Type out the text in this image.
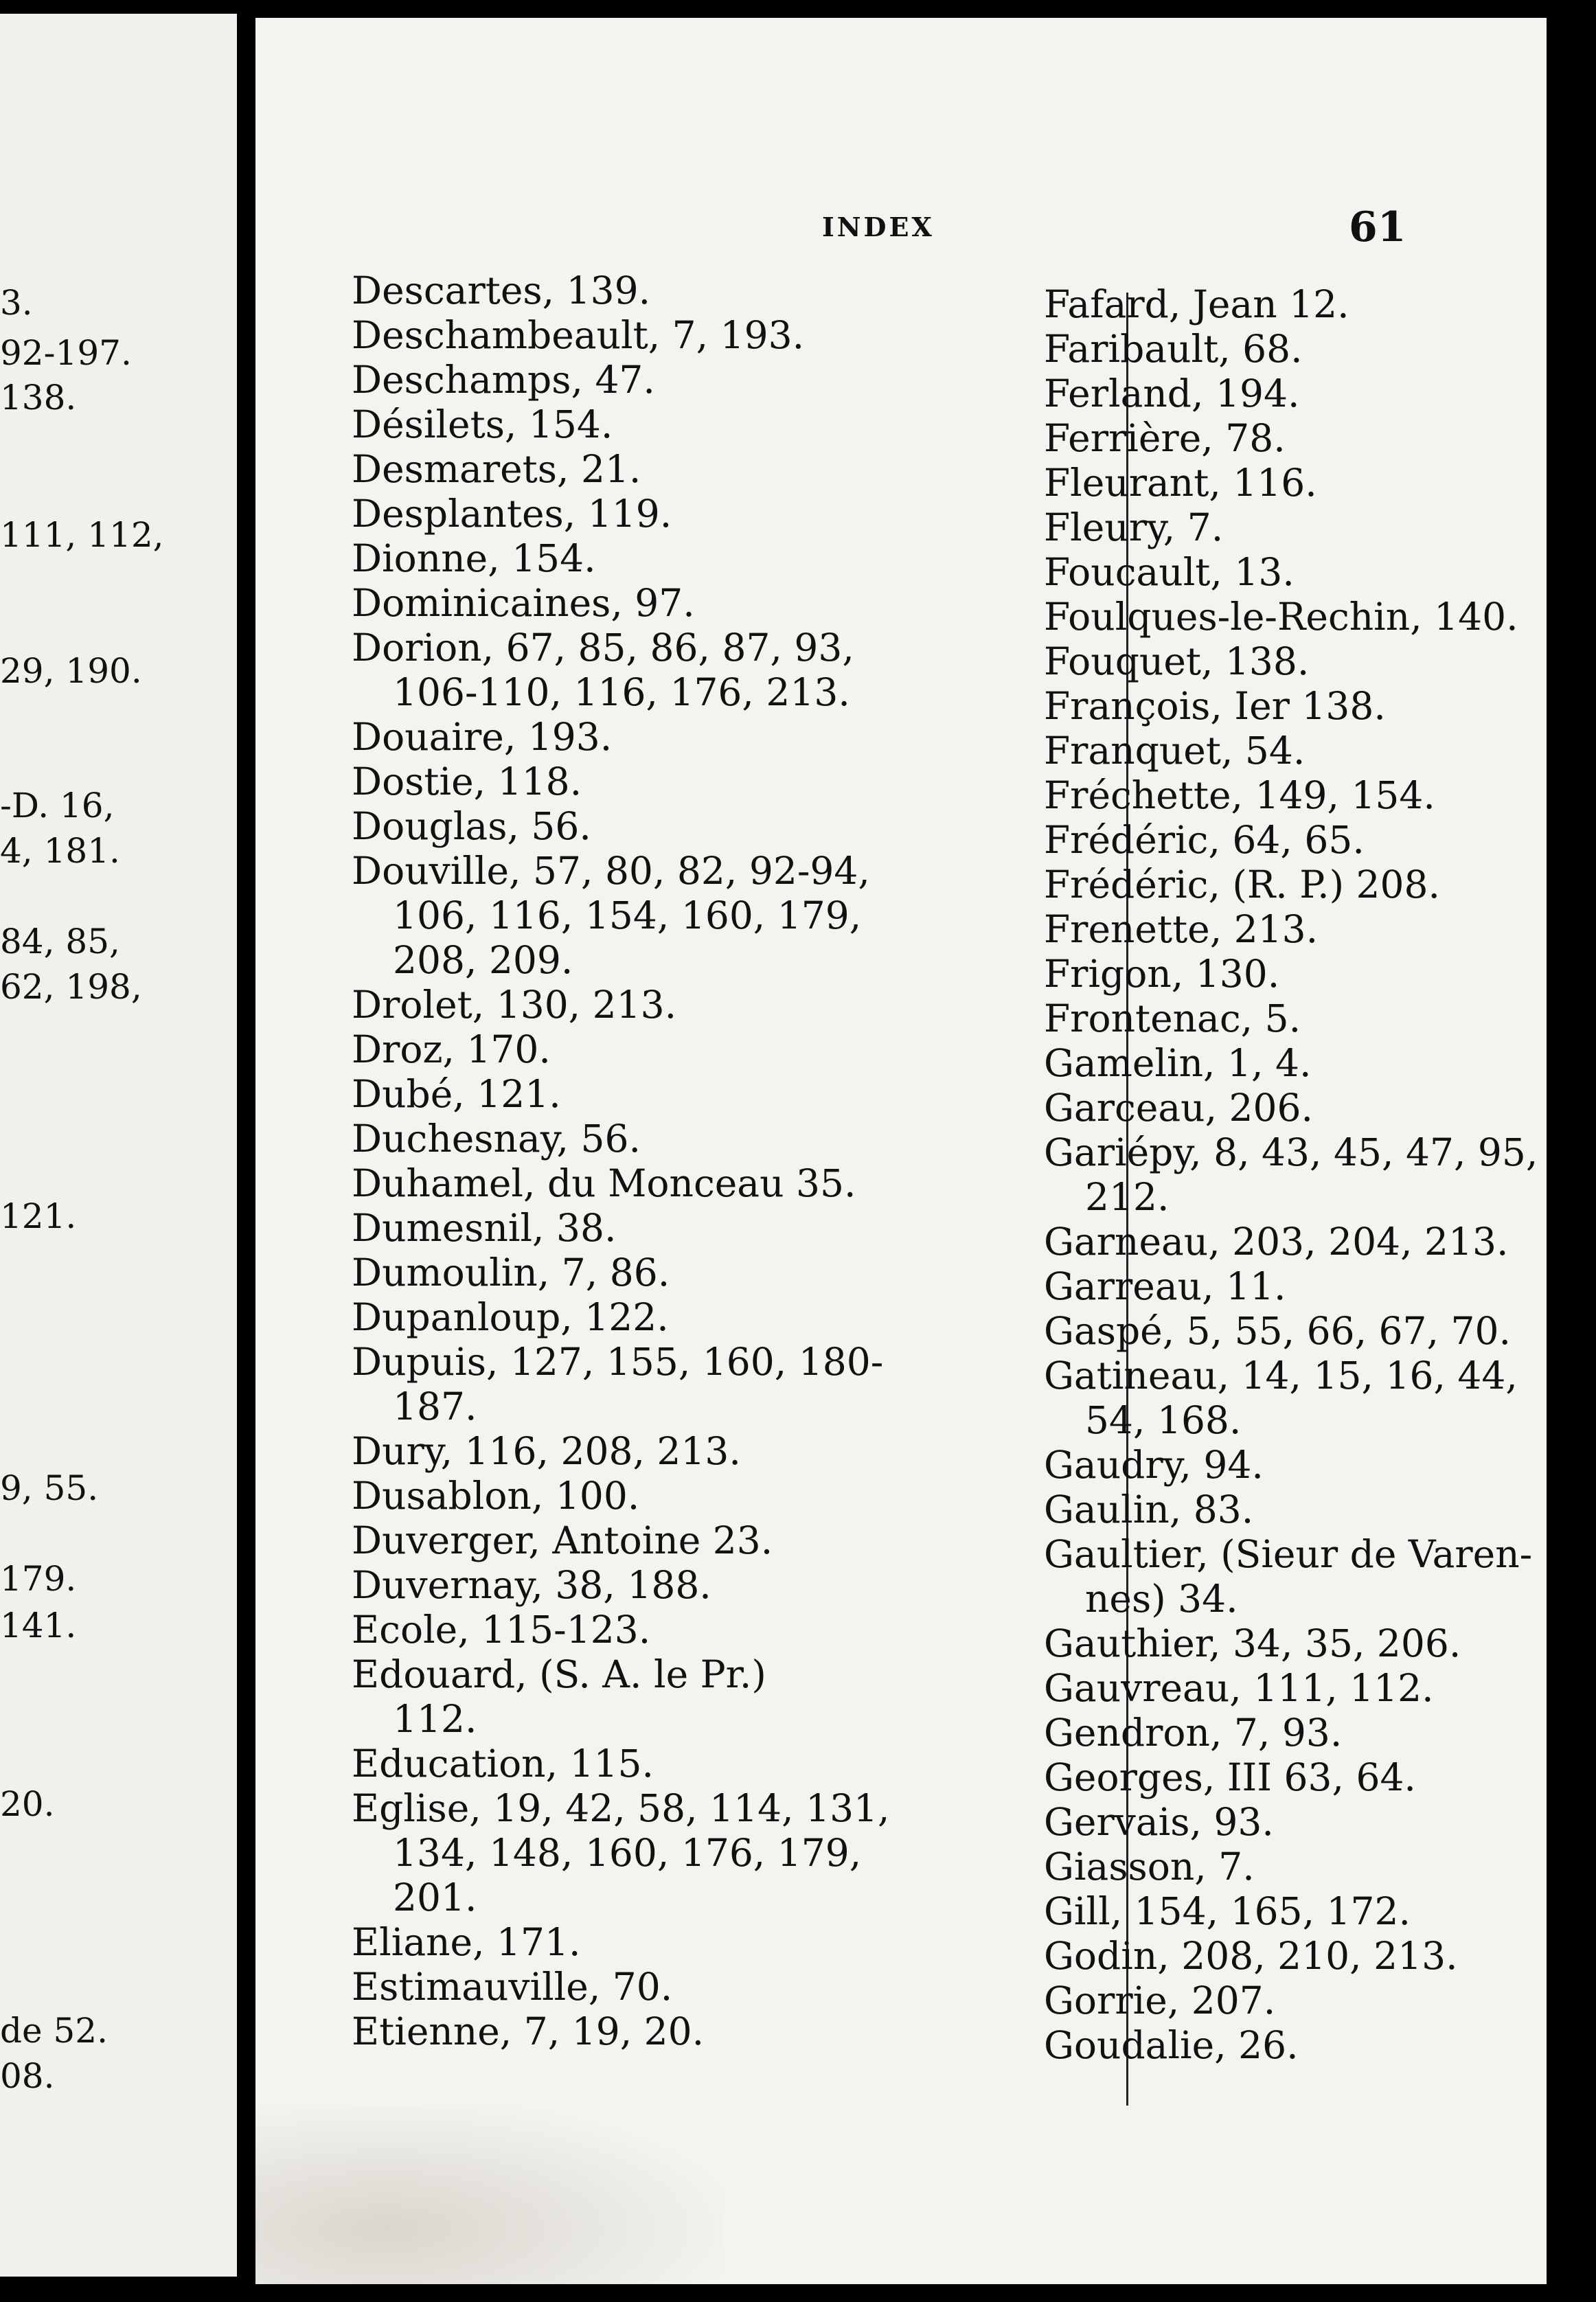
3.
92-197.
138.
111, 112,
29, 190.
-D. 16,
4, 181.
84, 85,
62, 198,
121.
9, 55.
179.
141.
20.
de 52.
08.
INDEX	61
Descartes, 139.
Deschambeault, 7, 193.
Deschamps, 47.
Désilets, 154.
Desmarets, 21.
Desplantes, 119.
Dionne, 154.
Dominicaines, 97.
Dorion, 67, 85, 86, 87, 93,
106-110, 116, 176, 213.
Douaire, 193.
Dostie, 118.
Douglas, 56.
Douville, 57, 80, 82, 92-94,
106, 116, 154, 160, 179,
208, 209.
Drolet, 130, 213.
Droz, 170.
Dubé, 121.
Duchesnay, 56.
Duhamel, du Monceau 35.
Dumesnil, 38.
Dumoulin, 7, 86.
Dupanloup, 122.
Dupuis, 127, 155, 160, 180-
187.
Dury, 116, 208, 213.
Dusablon, 100.
Duverger, Antoine 23.
Duvernay, 38, 188.
Ecole, 115-123.
Edouard, (S. A. le Pr.)
112.
Education, 115.
Eglise, 19, 42, 58, 114, 131,
134, 148, 160, 176, 179,
201.
Eliane, 171.
Estimauville, 70.
Etienne, 7, 19, 20.
Fafard, Jean 12.
Faribault, 68.
Ferland, 194.
Ferrière, 78.
Fleurant, 116.
Fleury, 7.
Foucault, 13.
Foulques-le-Rechin, 140.
Fouquet, 138.
François, Ier 138.
Franquet, 54.
Fréchette, 149, 154.
Frédéric, 64, 65.
Frédéric, (R. P.) 208.
Frenette, 213.
Frigon, 130.
Frontenac, 5.
Gamelin, 1, 4.
Garceau, 206.
Gariépy, 8, 43, 45, 47, 95,
212.
Garneau, 203, 204, 213.
Garreau, 11.
Gaspé, 5, 55, 66, 67, 70.
Gatineau, 14, 15, 16, 44,
54, 168.
Gaudry, 94.
Gaulin, 83.
Gaultier, (Sieur de Varen-
nes) 34.
Gauthier, 34, 35, 206.
Gauvreau, 111, 112.
Gendron, 7, 93.
Georges, III 63, 64.
Gervais, 93.
Giasson, 7.
Gill, 154, 165, 172.
Godin, 208, 210, 213.
Gorrie, 207.
Goudalie, 26.
